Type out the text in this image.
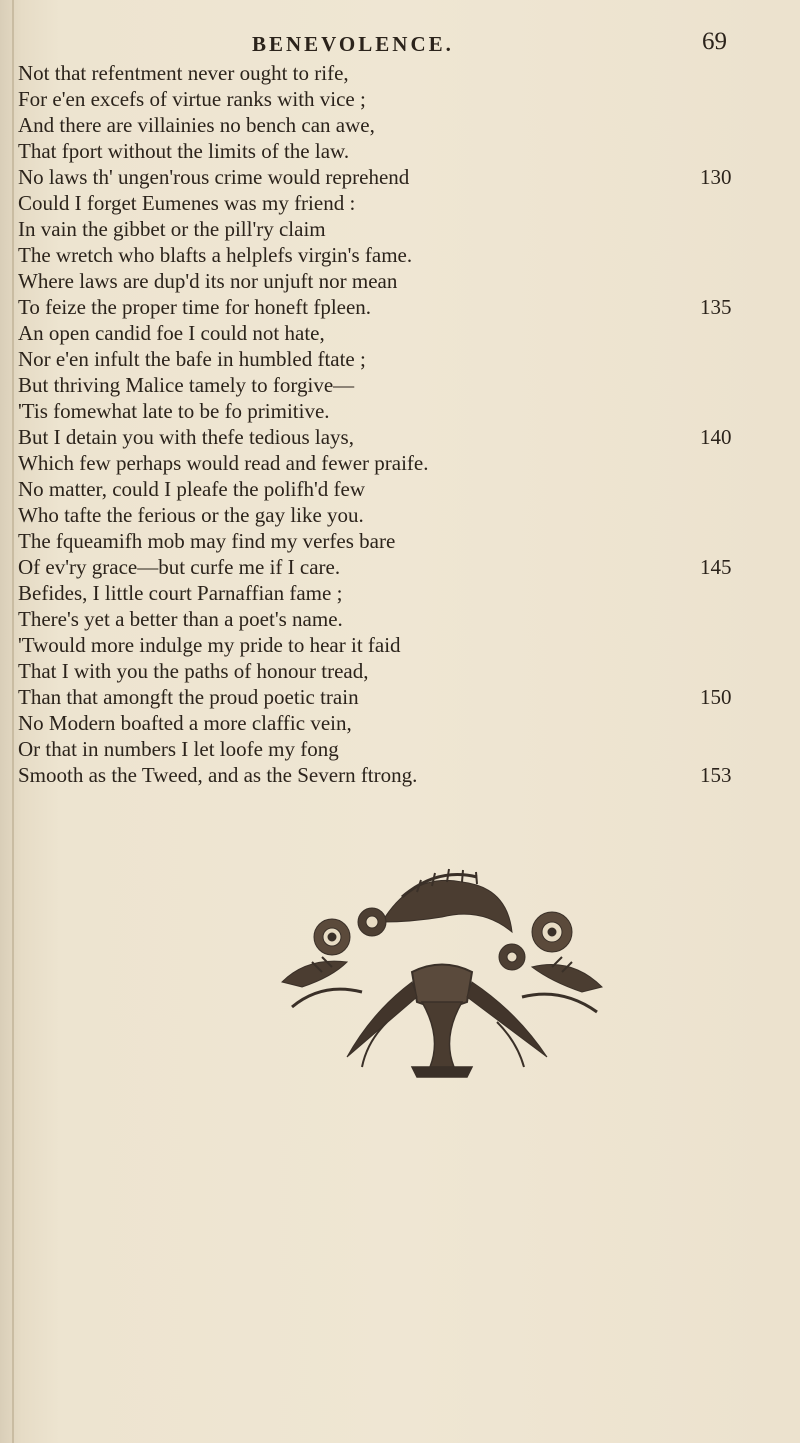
BENEVOLENCE.	69
Not that refentment never ought to rife,
For e'en excefs of virtue ranks with vice ;
And there are villainies no bench can awe,
That fport without the limits of the law.
No laws th' ungen'rous crime would reprehend
Could I forget Eumenes was my friend :
In vain the gibbet or the pill'ry claim
The wretch who blafts a helplefs virgin's fame.
Where laws are dup'd its nor unjuft nor mean
To feize the proper time for honeft fpleen.
An open candid foe I could not hate,
Nor e'en infult the bafe in humbled ftate ;
But thriving Malice tamely to forgive—
'Tis fomewhat late to be fo primitive.
But I detain you with thefe tedious lays,
Which few perhaps would read and fewer praife.
No matter, could I pleafe the polifh'd few
Who tafte the ferious or the gay like you.
The fqueamifh mob may find my verfes bare
Of ev'ry grace—but curfe me if I care.
Befides, I little court Parnaffian fame ;
There's yet a better than a poet's name.
'Twould more indulge my pride to hear it faid
That I with you the paths of honour tread,
Than that amongft the proud poetic train
No Modern boafted a more claffic vein,
Or that in numbers I let loofe my fong
Smooth as the Tweed, and as the Severn ftrong.
130
135
140
145
150
153
